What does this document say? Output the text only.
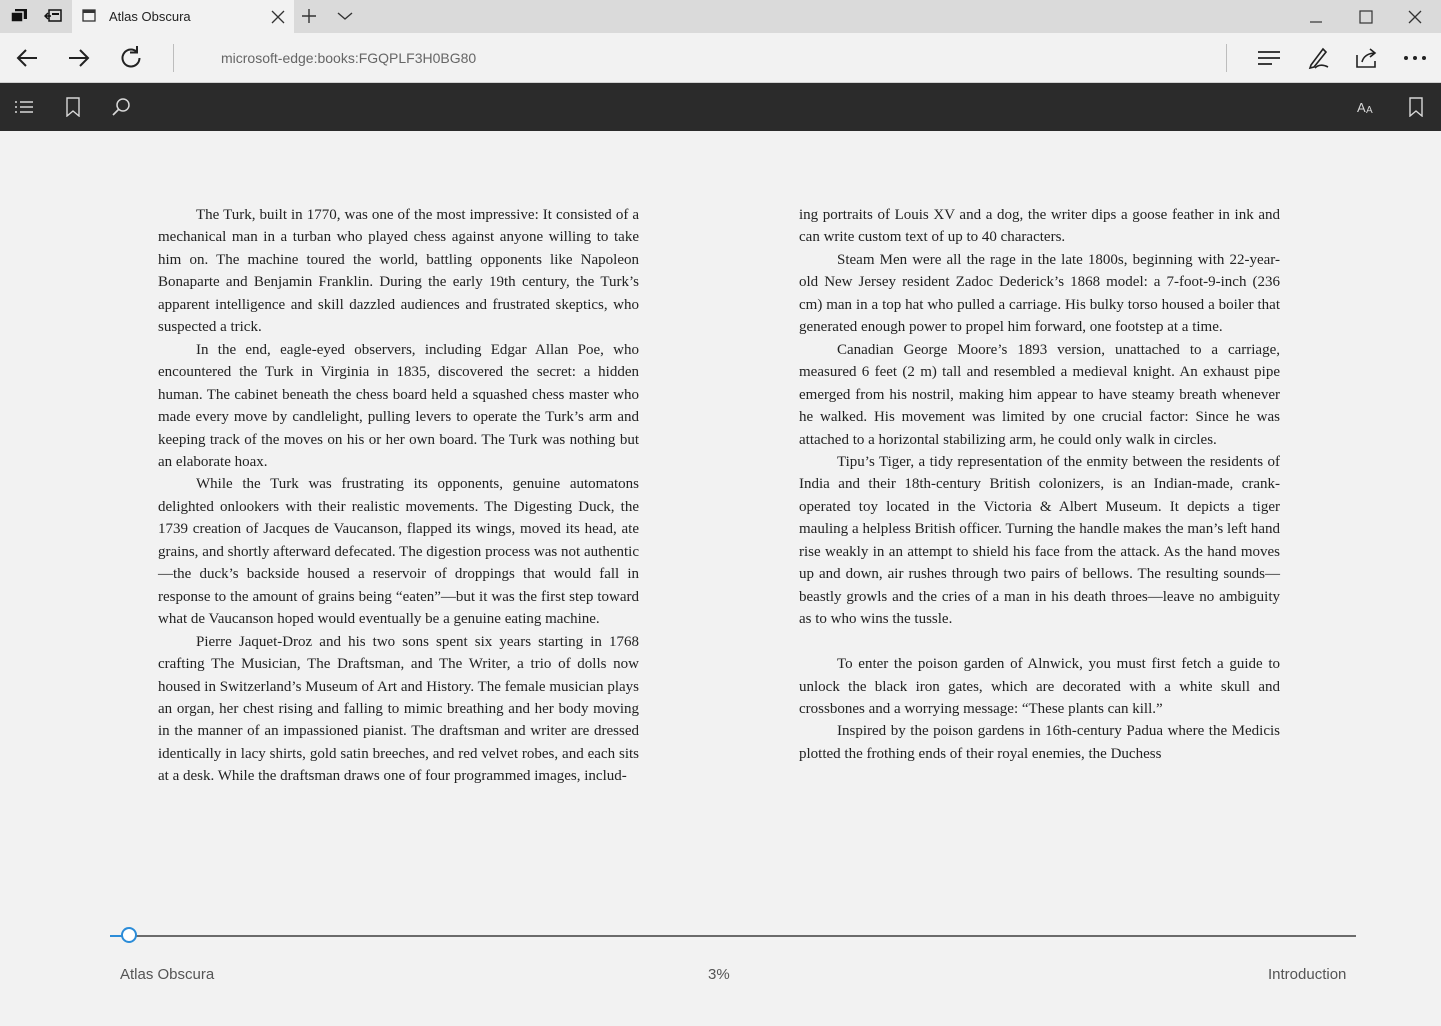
Atlas Obscura
microsoft-edge:books:FGQPLF3H0BG80
A A

The Turk, built in 1770, was one of the most impressive: It consisted of a mechanical man in a turban who played chess against anyone willing to take him on. The machine toured the world, battling opponents like Napoleon Bonaparte and Benjamin Franklin. During the early 19th century, the Turk’s apparent intelligence and skill dazzled audiences and frustrated skeptics, who suspected a trick.

In the end, eagle-eyed observers, including Edgar Allan Poe, who encountered the Turk in Virginia in 1835, discovered the secret: a hidden human. The cabinet beneath the chess board held a squashed chess master who made every move by candlelight, pulling levers to operate the Turk’s arm and keeping track of the moves on his or her own board. The Turk was nothing but an elaborate hoax.

While the Turk was frustrating its opponents, genuine automatons delighted onlookers with their realistic movements. The Digesting Duck, the 1739 creation of Jacques de Vaucanson, flapped its wings, moved its head, ate grains, and shortly afterward defecated. The digestion process was not authentic—the duck’s backside housed a reservoir of droppings that would fall in response to the amount of grains being “eaten”—but it was the first step toward what de Vaucanson hoped would eventually be a genuine eating machine.

Pierre Jaquet-Droz and his two sons spent six years starting in 1768 crafting The Musician, The Draftsman, and The Writer, a trio of dolls now housed in Switzerland’s Museum of Art and History. The female musician plays an organ, her chest rising and falling to mimic breathing and her body moving in the manner of an impassioned pianist. The draftsman and writer are dressed identically in lacy shirts, gold satin breeches, and red velvet robes, and each sits at a desk. While the draftsman draws one of four programmed images, includ-

ing portraits of Louis XV and a dog, the writer dips a goose feather in ink and can write custom text of up to 40 characters.

Steam Men were all the rage in the late 1800s, beginning with 22-year-old New Jersey resident Zadoc Dederick’s 1868 model: a 7-foot-9-inch (236 cm) man in a top hat who pulled a carriage. His bulky torso housed a boiler that generated enough power to propel him forward, one footstep at a time.

Canadian George Moore’s 1893 version, unattached to a carriage, measured 6 feet (2 m) tall and resembled a medieval knight. An exhaust pipe emerged from his nostril, making him appear to have steamy breath whenever he walked. His movement was limited by one crucial factor: Since he was attached to a horizontal stabilizing arm, he could only walk in circles.

Tipu’s Tiger, a tidy representation of the enmity between the residents of India and their 18th-century British colonizers, is an Indian-made, crank-operated toy located in the Victoria & Albert Museum. It depicts a tiger mauling a helpless British officer. Turning the handle makes the man’s left hand rise weakly in an attempt to shield his face from the attack. As the hand moves up and down, air rushes through two pairs of bellows. The resulting sounds—beastly growls and the cries of a man in his death throes—leave no ambiguity as to who wins the tussle.

To enter the poison garden of Alnwick, you must first fetch a guide to unlock the black iron gates, which are decorated with a white skull and crossbones and a worrying message: “These plants can kill.”

Inspired by the poison gardens in 16th-century Padua where the Medicis plotted the frothing ends of their royal enemies, the Duchess

Atlas Obscura	3%	Introduction
